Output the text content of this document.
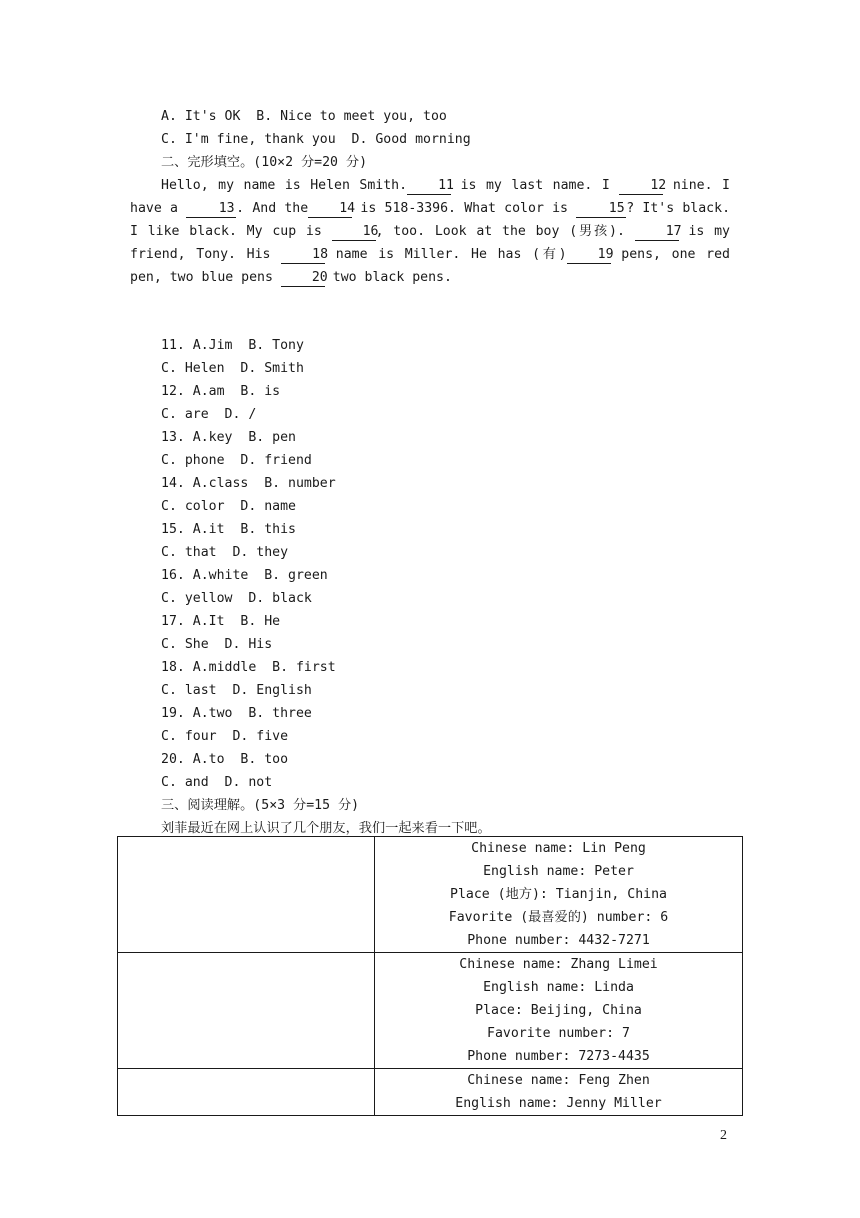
A. It's OK  B. Nice to meet you, too
C. I'm fine, thank you  D. Good morning
二、完形填空。(10×2 分=20 分)
Hello, my name is Helen Smith. 11 is my last name. I 12 nine. I have a 13 . And the 14 is 518-3396. What color is 15 ? It's black. I like black. My cup is 16, too. Look at the boy (男孩). 17 is my friend, Tony. His 18 name is Miller. He has (有) 19 pens, one red pen, two blue pens 20 two black pens.
11. A.Jim  B. Tony
C. Helen  D. Smith
12. A.am  B. is
C. are  D. /
13. A.key  B. pen
C. phone  D. friend
14. A.class  B. number
C. color  D. name
15. A.it  B. this
C. that  D. they
16. A.white  B. green
C. yellow  D. black
17. A.It  B. He
C. She  D. His
18. A.middle  B. first
C. last  D. English
19. A.two  B. three
C. four  D. five
20. A.to  B. too
C. and  D. not
三、阅读理解。(5×3 分=15 分)
刘菲最近在网上认识了几个朋友，我们一起来看一下吧。

	Chinese name: Lin Peng
English name: Peter
Place (地方): Tianjin, China
Favorite (最喜爱的) number: 6
Phone number: 4432-7271

	Chinese name: Zhang Limei
English name: Linda
Place: Beijing, China
Favorite number: 7
Phone number: 7273-4435

	Chinese name: Feng Zhen
English name: Jenny Miller
2
